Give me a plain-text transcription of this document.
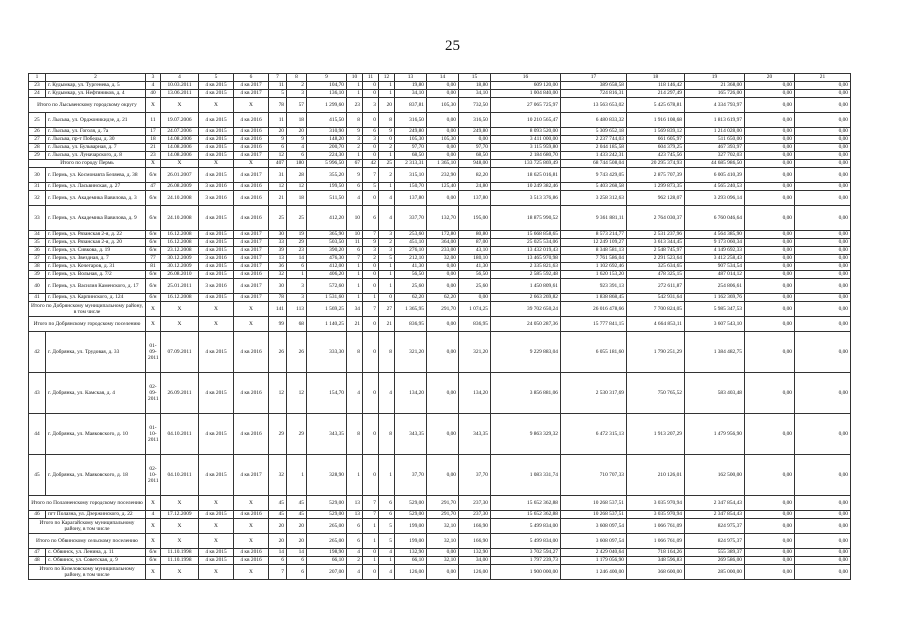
25
1	2	3	4	5	6	7	8	9	10	11	12	13	14	15	16	17	18	19	20	21
23	г. Кудымкар, ул. Тургенева, д. 5	4	10.03.2011	4 кв 2015	4 кв 2017	11	2	104,70	1	0	1	19,80	0,00	18,80	609 120,00	389 658,58	118 146,42	21 368,00	0,00	0,00
24	г. Кудымкар, ул. Нефтяников, д. 4	40	13.06.2011	4 кв 2015	4 кв 2017	5	3	136,10	1	0	1	34,10	0,00	34,10	1 004 840,00	724 816,31	214 297,49	165 726,00	0,00	0,00
Итого по Лысьвенскому городскому округу		X	X	X	X	78	57	1 299,60	23	3	20	837,81	105,30	732,50	27 065 725,97	13 563 653,02	5 425 678,81	4 334 793,97	0,00	0,00
25	г. Лысьва, ул. Орджоникидзе, д. 21	11	19.07.2006	4 кв 2015	4 кв 2016	11	18	415,50	8	0	8	316,50	0,00	316,50	10 210 565,47	6 480 833,32	1 916 108,68	1 813 619,97	0,00	0,00
26	г. Лысьва, ул. Гоголя, д. 7а	17	24.07.2006	4 кв 2015	4 кв 2016	20	20	310,90	9	6	9	249,80	0,00	249,80	8 093 520,00	5 309 652,18	1 569 839,12	1 214 028,00	0,00	0,00
27	г. Лысьва, пр-т Победы, д. 30	18	14.08.2006	4 кв 2015	4 кв 2016	9	9	148,20	3	3	0	105,30	105,30	0,00	3 411 000,00	2 237 744,03	661 605,97	511 650,00	0,00	0,00
28	г. Лысьва, ул. Бульварная, д. 7	21	14.08.2006	4 кв 2015	4 кв 2016	6	4	200,70	2	0	2	97,70	0,00	97,70	3 115 959,80	2 044 185,58	604 379,25	467 393,97	0,00	0,00
29	г. Лысьва, ул. Луначарского, д. 8	23	14.08.2006	4 кв 2015	4 кв 2017	12	6	224,30	1	0	1	68,50	0,00	68,50	2 184 680,70	1 433 242,31	423 745,56	327 702,03	0,00	0,00
Итого по городу Пермь		X	X	X	X	407	180	5 996,50	67	42	25	2 313,31	1 365,10	948,00	133 725 869,49	68 744 508,04	20 295 374,93	44 685 986,50	0,00	0,00
30	г. Пермь, ул. Космонавта Беляева, д. 38	б/н	26.01.2007	4 кв 2015	4 кв 2017	31	28	355,20	9	7	2	315,10	232,90	82,20	18 625 016,81	9 743 429,05	2 875 707,39	6 005 410,39	0,00	0,00
31	г. Пермь, ул. Ласьвинская, д. 27	47	26.08.2009	3 кв 2016	4 кв 2016	12	12	199,50	6	5	1	150,70	125,40	24,80	10 249 382,46	5 403 268,58	1 299 873,35	4 565 240,53	0,00	0,00
32	г. Пермь, ул. Академика Вавилова, д. 3	б/н	24.10.2008	3 кв 2016	4 кв 2016	21	18	511,50	4	0	4	137,80	0,00	137,80	3 513 376,86	3 258 312,63	962 128,07	3 293 096,14	0,00	0,00
33	г. Пермь, ул. Академика Вавилова, д. 9	б/н	24.10.2008	4 кв 2015	4 кв 2016	25	25	412,20	10	6	4	337,70	132,70	195,00	18 875 990,52	9 361 881,11	2 764 030,37	6 760 046,64	0,00	0,00
34	г. Пермь, ул. Рязанская 2-я, д. 22	б/н	16.12.2008	4 кв 2015	4 кв 2017	30	19	365,90	10	7	3	253,60	172,80	80,80	15 668 858,65	8 573 214,77	2 531 237,96	4 564 385,90	0,00	0,00
35	г. Пермь, ул. Рязанская 2-я, д. 20	б/н	16.12.2008	4 кв 2015	4 кв 2017	33	29	503,50	11	9	2	451,10	364,00	87,00	25 025 534,06	12 249 109,27	3 613 344,45	9 173 060,34	0,00	0,00
36	г. Пермь, ул. Сивкова, д. 19	б/н	23.12.2008	4 кв 2015	4 кв 2017	39	23	390,20	6	3	3	276,10	233,00	43,10	13 432 019,43	8 348 581,13	2 548 745,97	4 149 692,33	0,00	0,00
37	г. Пермь, ул. Звездная, д. 7	77	30.12.2009	3 кв 2016	4 кв 2017	13	14	476,30	7	2	5	212,10	32,00	180,10	13 465 970,98	7 761 586,04	2 291 523,64	3 412 258,43	0,00	0,00
38	г. Пермь, ул. Кочегаров, д. 31	81	30.12.2009	4 кв 2015	4 кв 2017	36	6	412,00	1	0	1	41,30	0,00	41,30	2 335 821,63	1 102 692,46	325 634,65	907 534,54	0,00	0,00
39	г. Пермь, ул. Вольная, д. 7/2	б/н	26.08.2010	4 кв 2015	4 кв 2016	32	1	406,20	1	0	1	56,50	0,00	56,50	2 585 592,48	1 620 153,20	478 325,15	487 014,12	0,00	0,00
40	г. Пермь, ул. Василия Каменского, д. 17	б/н	25.01.2011	3 кв 2016	4 кв 2017	30	3	572,60	1	0	1	25,60	0,00	25,60	1 450 809,61	923 391,13	272 611,87	254 806,61	0,00	0,00
41	г. Пермь, ул. Карпинского, д. 124	б/н	16.12.2008	4 кв 2015	4 кв 2017	78	3	1 531,60	1	1	0	62,20	62,20	0,00	2 663 269,82	1 838 868,45	542 931,64	1 162 369,76	0,00	0,00
Итого по Добрянскому муниципальному району, в том числе		X	X	X	X	141	113	1 569,25	34	7	27	1 365,95	291,70	1 074,25	39 702 650,24	26 016 478,66	7 700 824,05	5 985 347,53	0,00	0,00
Итого по Добрянскому городскому поселению		X	X	X	X	99	68	1 140,25	21	0	21	836,95	0,00	836,95	24 050 287,36	15 777 841,15	4 664 853,11	3 607 543,10	0,00	0,00
42	г. Добрянка, ул. Трудовая, д. 33	01-09-2011	07.09.2011	4 кв 2015	4 кв 2016	26	26	333,30	8	0	8	321,20	0,00	321,20	9 229 883,04	6 055 181,60	1 790 251,29	1 384 482,75	0,00	0,00
43	г. Добрянка, ул. Камская, д. 4	02-09-2011	26.09.2011	4 кв 2015	4 кв 2016	12	12	154,70	4	0	4	134,20	0,00	134,20	3 856 881,06	2 530 317,69	750 765,52	583 403,48	0,00	0,00
44	г. Добрянка, ул. Маяковского, д. 10	01-10-2011	04.10.2011	4 кв 2015	4 кв 2016	29	29	343,35	8	0	8	343,35	0,00	343,35	9 863 329,32	6 472 315,13	1 913 207,29	1 479 956,90	0,00	0,00
45	г. Добрянка, ул. Маяковского, д. 18	02-10-2011	04.10.2011	4 кв 2015	4 кв 2017	32	1	328,90	1	0	1	37,70	0,00	37,70	1 083 331,74	710 707,33	210 126,01	162 500,00	0,00	0,00
Итого по Полазненскому городскому поселению		X	X	X	X	45	45	529,00	13	7	6	529,00	291,70	237,30	15 652 362,88	10 268 537,51	3 035 970,94	2 347 854,43	0,00	0,00
46	пгт Полазна, ул. Дзержинского, д. 22	4	17.12.2009	4 кв 2015	4 кв 2016	45	45	529,00	13	7	6	529,00	291,70	237,30	15 652 362,88	10 268 537,51	3 035 970,94	2 347 854,43	0,00	0,00
Итого по Карагайскому муниципальному району, в том числе		X	X	X	X	20	20	265,00	6	1	5	199,00	32,10	166,90	5 499 834,00	3 608 097,54	1 066 761,09	824 975,37	0,00	0,00
Итого по Обвинскому сельскому поселению		X	X	X	X	20	20	265,00	6	1	5	199,00	32,10	166,90	5 499 834,00	3 608 097,54	1 066 761,09	824 975,37	0,00	0,00
47	с. Обвинск, ул. Ленина, д. 11	б/н	11.10.1998	4 кв 2015	4 кв 2016	14	14	198,90	4	0	4	132,90	0,00	132,90	3 702 594,27	2 429 040,64	718 164,26	555 389,37	0,00	0,00
48	с. Обвинск, ул. Советская, д. 9	б/н	11.10.1998	4 кв 2015	4 кв 2016	6	6	66,10	2	1	1	66,10	32,10	34,00	1 797 239,73	1 179 056,90	348 596,83	269 586,00	0,00	0,00
Итого по Кизеловскому муниципальному району, в том числе		X	X	X	X	7	6	207,00	4	0	4	126,00	0,00	126,00	1 900 000,00	1 246 400,00	368 600,00	285 000,00	0,00	0,00
